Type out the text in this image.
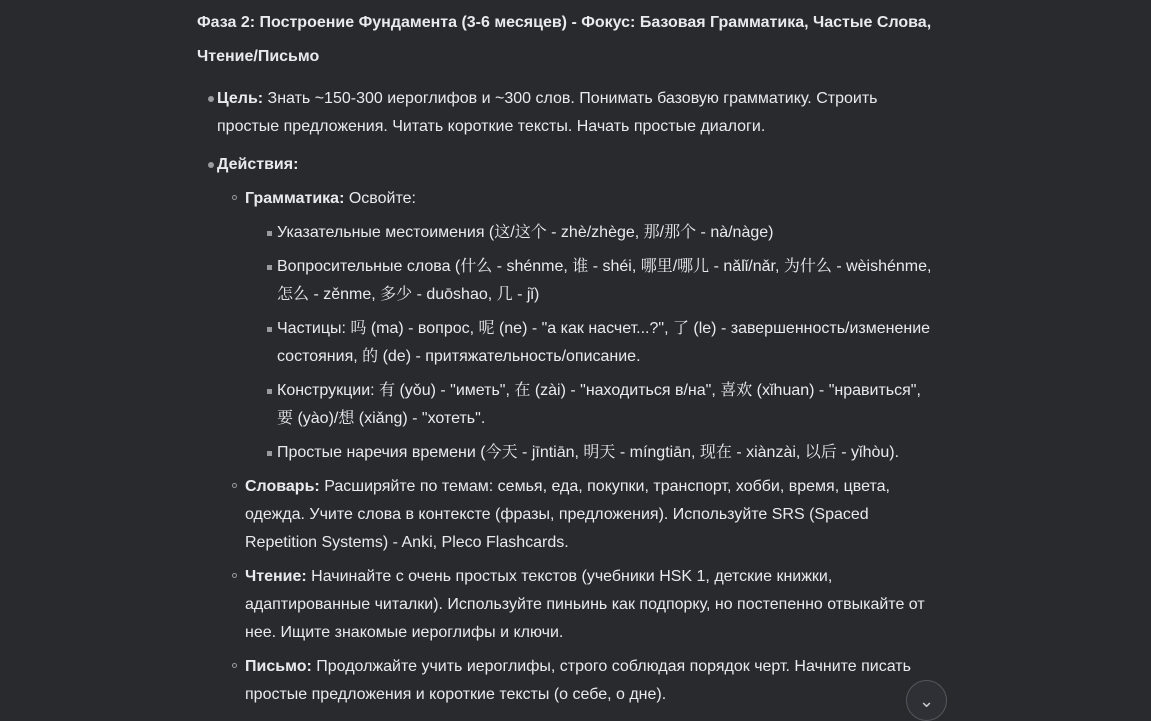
Фаза 2: Построение Фундамента (3-6 месяцев) - Фокус: Базовая Грамматика, Частые Слова, Чтение/Письмо

Цель: Знать ~150-300 иероглифов и ~300 слов. Понимать базовую грамматику. Строить простые предложения. Читать короткие тексты. Начать простые диалоги.

Действия:

Грамматика: Освойте:

Указательные местоимения (这/这个 - zhè/zhège, 那/那个 - nà/nàge)

Вопросительные слова (什么 - shénme, 谁 - shéi, 哪里/哪儿 - nǎlǐ/nǎr, 为什么 - wèishénme, 怎么 - zěnme, 多少 - duōshao, 几 - jǐ)

Частицы: 吗 (ma) - вопрос, 呢 (ne) - "а как насчет...?", 了 (le) - завершенность/изменение состояния, 的 (de) - притяжательность/описание.

Конструкции: 有 (yǒu) - "иметь", 在 (zài) - "находиться в/на", 喜欢 (xǐhuan) - "нравиться", 要 (yào)/想 (xiǎng) - "хотеть".

Простые наречия времени (今天 - jīntiān, 明天 - míngtiān, 现在 - xiànzài, 以后 - yǐhòu).

Словарь: Расширяйте по темам: семья, еда, покупки, транспорт, хобби, время, цвета, одежда. Учите слова в контексте (фразы, предложения). Используйте SRS (Spaced Repetition Systems) - Anki, Pleco Flashcards.

Чтение: Начинайте с очень простых текстов (учебники HSK 1, детские книжки, адаптированные читалки). Используйте пиньинь как подпорку, но постепенно отвыкайте от нее. Ищите знакомые иероглифы и ключи.

Письмо: Продолжайте учить иероглифы, строго соблюдая порядок черт. Начните писать простые предложения и короткие тексты (о себе, о дне).	⌄
